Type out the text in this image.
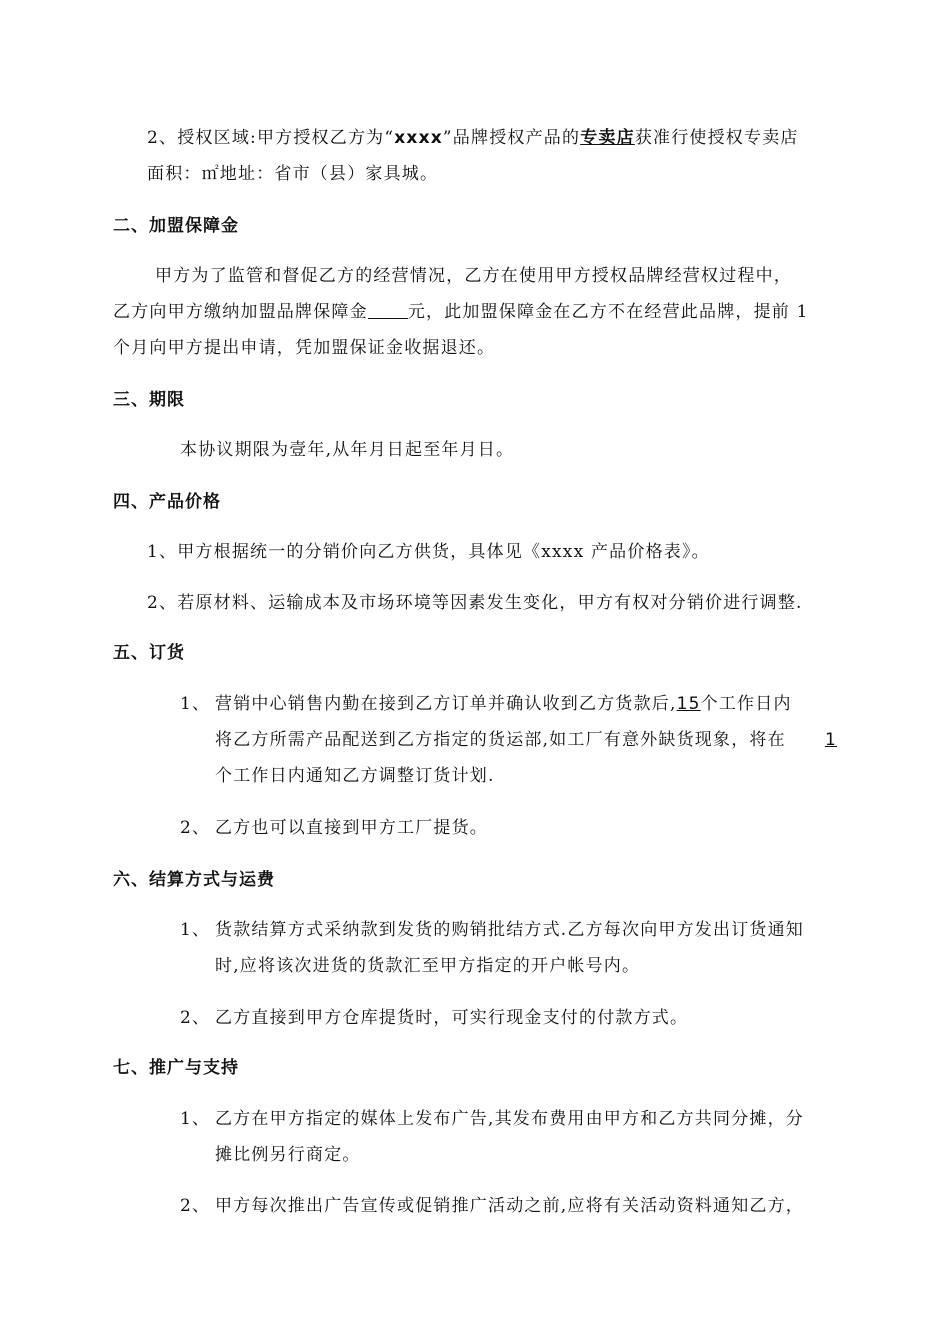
2、授权区域:甲方授权乙方为“xxxx”品牌授权产品的专卖店获准行使授权专卖店
面积：㎡地址：省市（县）家具城。
二、加盟保障金
甲方为了监管和督促乙方的经营情况，乙方在使用甲方授权品牌经营权过程中，
乙方向甲方缴纳加盟品牌保障金 元，此加盟保障金在乙方不在经营此品牌，提前 1
个月向甲方提出申请，凭加盟保证金收据退还。
三、期限
本协议期限为壹年,从年月日起至年月日。
四、产品价格
1、甲方根据统一的分销价向乙方供货，具体见《xxxx 产品价格表》。
2、若原材料、运输成本及市场环境等因素发生变化，甲方有权对分销价进行调整.
五、订货
1、 营销中心销售内勤在接到乙方订单并确认收到乙方货款后,15个工作日内
将乙方所需产品配送到乙方指定的货运部,如工厂有意外缺货现象，将在 1
个工作日内通知乙方调整订货计划.
2、 乙方也可以直接到甲方工厂提货。
六、结算方式与运费
1、 货款结算方式采纳款到发货的购销批结方式.乙方每次向甲方发出订货通知
时,应将该次进货的货款汇至甲方指定的开户帐号内。
2、 乙方直接到甲方仓库提货时，可实行现金支付的付款方式。
七、推广与支持
1、 乙方在甲方指定的媒体上发布广告,其发布费用由甲方和乙方共同分摊，分
摊比例另行商定。
2、 甲方每次推出广告宣传或促销推广活动之前,应将有关活动资料通知乙方，
